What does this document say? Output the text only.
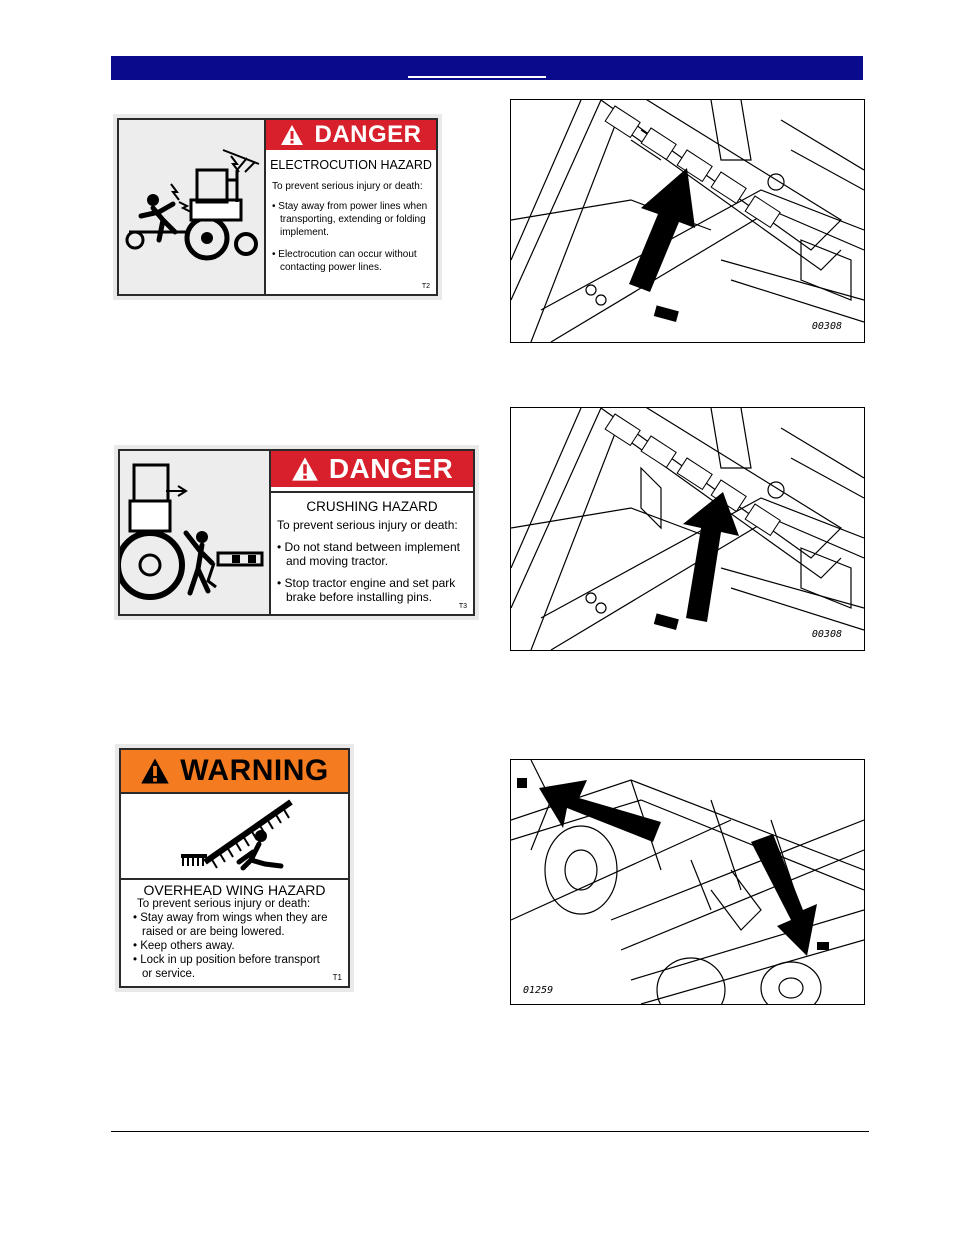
DANGER
ELECTROCUTION HAZARD
To prevent serious injury or death:
• Stay away from power lines when
transporting, extending or folding
implement.
• Electrocution can occur without
contacting power lines.
T2
DANGER
CRUSHING HAZARD
To prevent serious injury or death:
• Do not stand between implement
and moving tractor.
• Stop tractor engine and set park
brake before installing pins.
T3
WARNING
OVERHEAD WING HAZARD
To prevent serious injury or death:
• Stay away from wings when they are
raised or are being lowered.
• Keep others away.
• Lock in up position before transport
or service.	T1
00308
00308
01259
